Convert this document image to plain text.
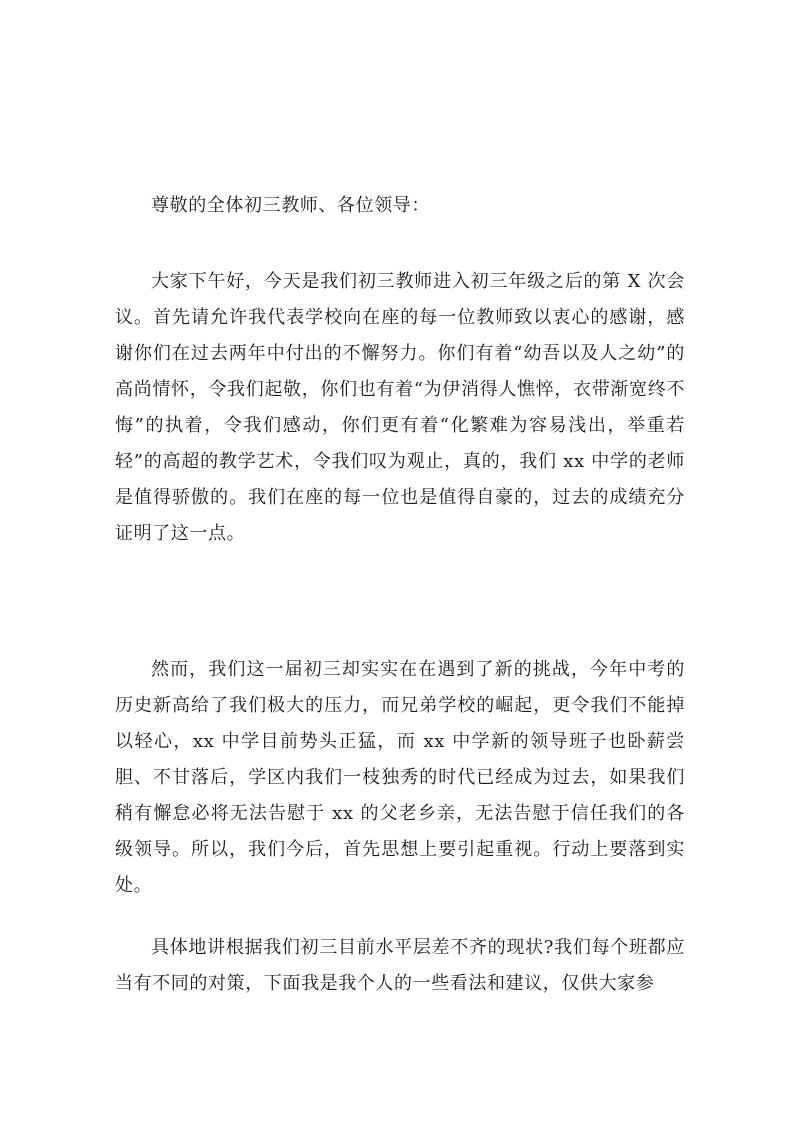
尊敬的全体初三教师、各位领导：

大家下午好，今天是我们初三教师进入初三年级之后的第 X 次会议。首先请允许我代表学校向在座的每一位教师致以衷心的感谢，感谢你们在过去两年中付出的不懈努力。你们有着“幼吾以及人之幼”的高尚情怀，令我们起敬，你们也有着“为伊消得人憔悴，衣带渐宽终不悔”的执着，令我们感动，你们更有着“化繁难为容易浅出，举重若轻”的高超的教学艺术，令我们叹为观止，真的，我们 xx 中学的老师是值得骄傲的。我们在座的每一位也是值得自豪的，过去的成绩充分证明了这一点。

然而，我们这一届初三却实实在在遇到了新的挑战，今年中考的历史新高给了我们极大的压力，而兄弟学校的崛起，更令我们不能掉以轻心，xx 中学目前势头正猛，而 xx 中学新的领导班子也卧薪尝胆、不甘落后，学区内我们一枝独秀的时代已经成为过去，如果我们稍有懈怠必将无法告慰于 xx 的父老乡亲，无法告慰于信任我们的各级领导。所以，我们今后，首先思想上要引起重视。行动上要落到实处。

具体地讲根据我们初三目前水平层差不齐的现状?我们每个班都应当有不同的对策，下面我是我个人的一些看法和建议，仅供大家参
